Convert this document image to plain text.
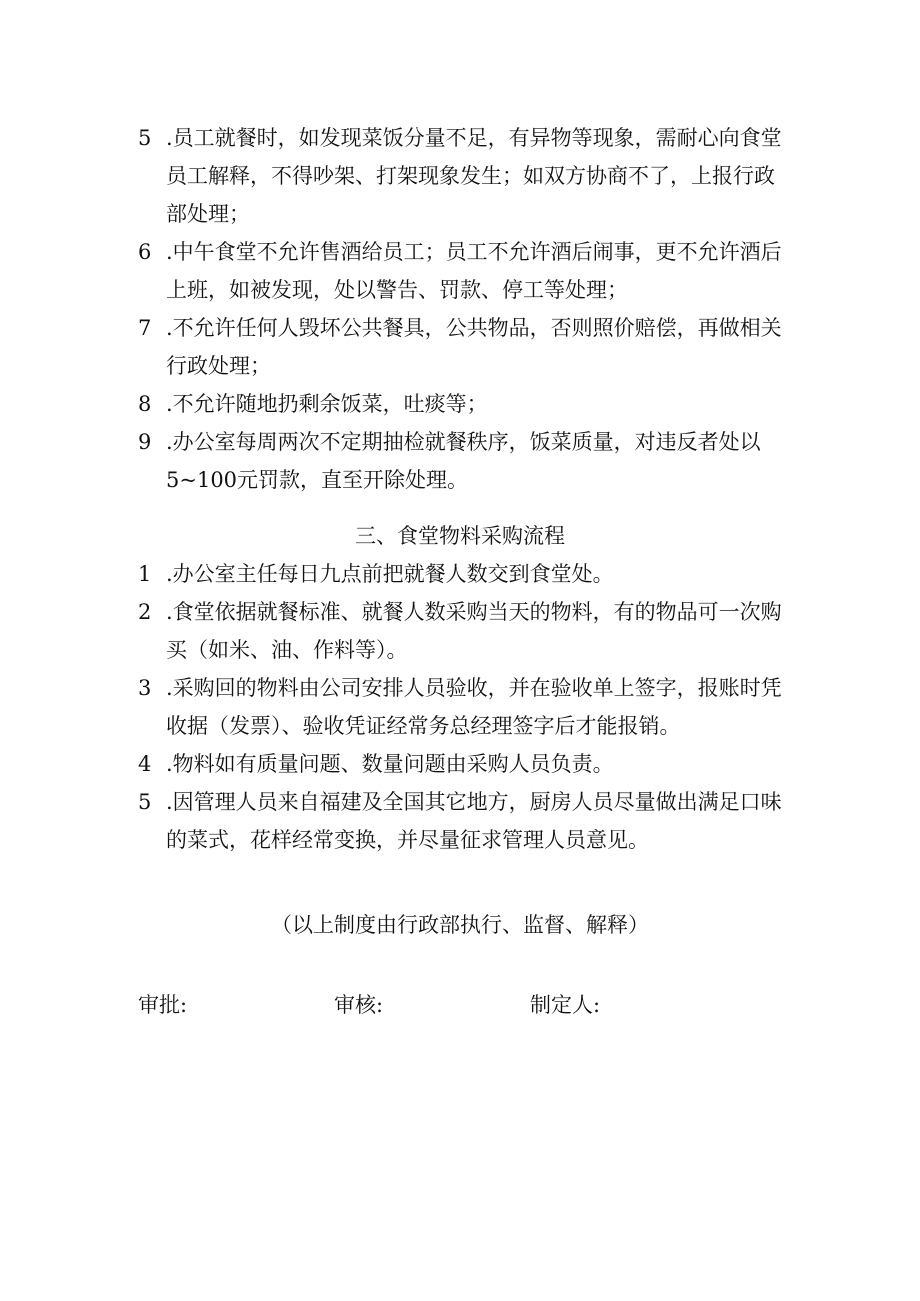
5 .员工就餐时，如发现菜饭分量不足，有异物等现象，需耐心向食堂员工解释，不得吵架、打架现象发生；如双方协商不了，上报行政部处理；
6 .中午食堂不允许售酒给员工；员工不允许酒后闹事，更不允许酒后上班，如被发现，处以警告、罚款、停工等处理；
7 .不允许任何人毁坏公共餐具，公共物品，否则照价赔偿，再做相关行政处理；
8 .不允许随地扔剩余饭菜，吐痰等；
9 .办公室每周两次不定期抽检就餐秩序，饭菜质量，对违反者处以5~100元罚款，直至开除处理。
三、食堂物料采购流程
1 .办公室主任每日九点前把就餐人数交到食堂处。
2 .食堂依据就餐标准、就餐人数采购当天的物料，有的物品可一次购买（如米、油、作料等）。
3 .采购回的物料由公司安排人员验收，并在验收单上签字，报账时凭收据（发票）、验收凭证经常务总经理签字后才能报销。
4 .物料如有质量问题、数量问题由采购人员负责。
5 .因管理人员来自福建及全国其它地方，厨房人员尽量做出满足口味的菜式，花样经常变换，并尽量征求管理人员意见。
（以上制度由行政部执行、监督、解释）
审批:	审核:	制定人:
